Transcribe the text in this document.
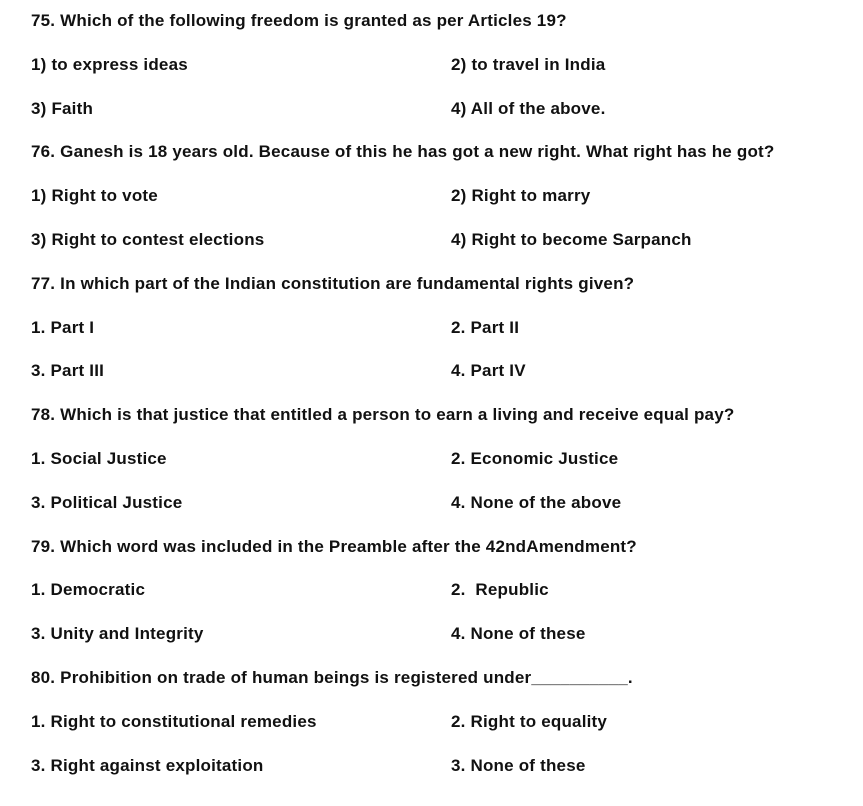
75. Which of the following freedom is granted as per Articles 19?
1) to express ideas	2) to travel in India
3) Faith	4) All of the above.
76. Ganesh is 18 years old. Because of this he has got a new right. What right has he got?
1) Right to vote	2) Right to marry
3) Right to contest elections	4) Right to become Sarpanch
77. In which part of the Indian constitution are fundamental rights given?
1. Part I	2. Part II
3. Part III	4. Part IV
78. Which is that justice that entitled a person to earn a living and receive equal pay?
1. Social Justice	2. Economic Justice
3. Political Justice	4. None of the above
79. Which word was included in the Preamble after the 42ndAmendment?
1. Democratic	2.  Republic
3. Unity and Integrity	4. None of these
80. Prohibition on trade of human beings is registered under__________.
1. Right to constitutional remedies	2. Right to equality
3. Right against exploitation	3. None of these
